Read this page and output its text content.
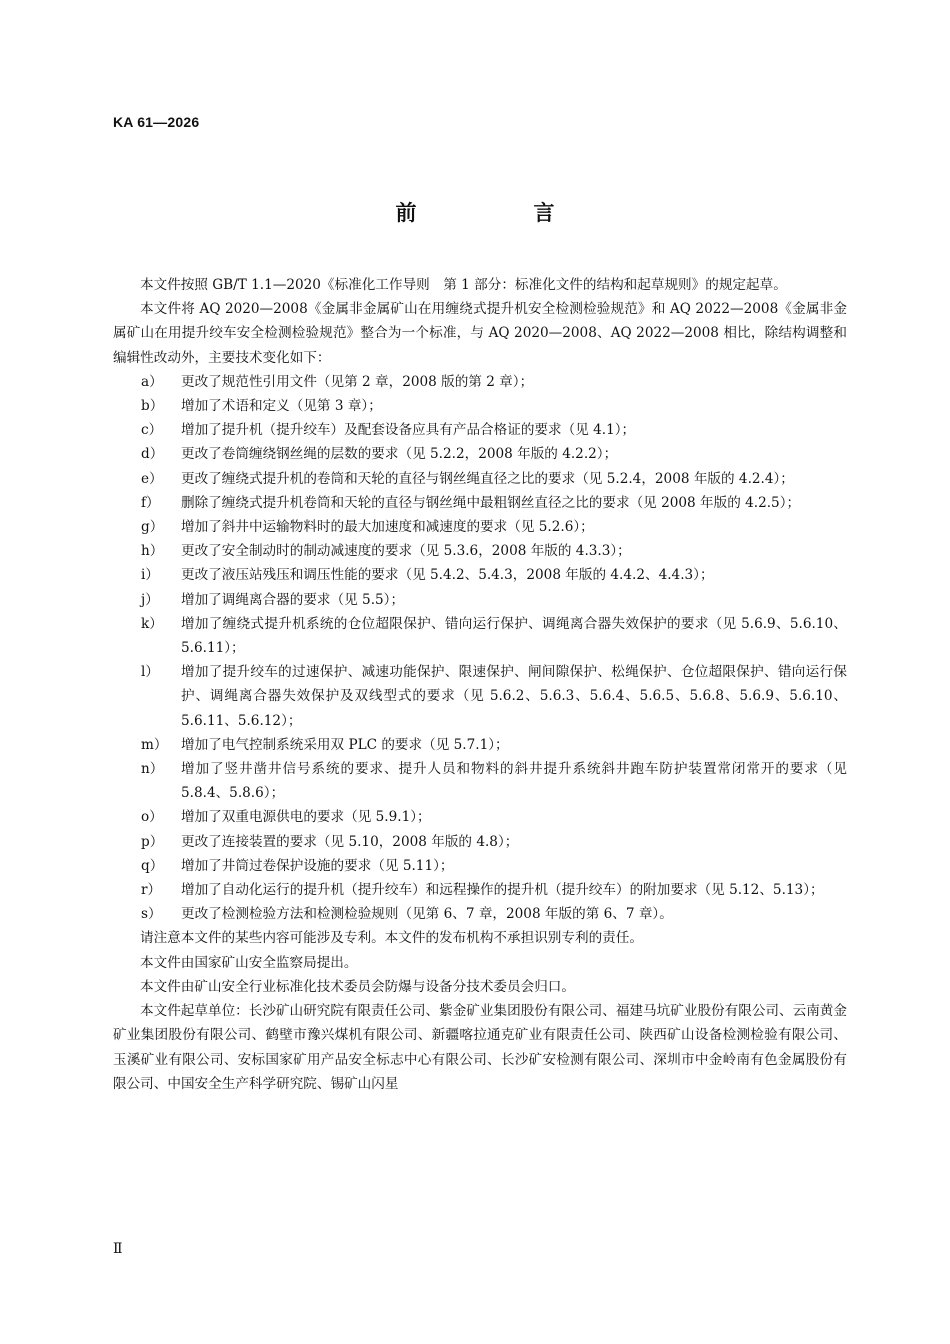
KA 61—2026
前　言

本文件按照 GB/T 1.1—2020《标准化工作导则　第 1 部分：标准化文件的结构和起草规则》的规定起草。

本文件将 AQ 2020—2008《金属非金属矿山在用缠绕式提升机安全检测检验规范》和 AQ 2022—2008《金属非金属矿山在用提升绞车安全检测检验规范》整合为一个标准，与 AQ 2020—2008、AQ 2022—2008 相比，除结构调整和编辑性改动外，主要技术变化如下：

a）	更改了规范性引用文件（见第 2 章，2008 版的第 2 章）；
b）	增加了术语和定义（见第 3 章）；
c）	增加了提升机（提升绞车）及配套设备应具有产品合格证的要求（见 4.1）；
d）	更改了卷筒缠绕钢丝绳的层数的要求（见 5.2.2，2008 年版的 4.2.2）；
e）	更改了缠绕式提升机的卷筒和天轮的直径与钢丝绳直径之比的要求（见 5.2.4，2008 年版的 4.2.4）；
f）	删除了缠绕式提升机卷筒和天轮的直径与钢丝绳中最粗钢丝直径之比的要求（见 2008 年版的 4.2.5）；
g）	增加了斜井中运输物料时的最大加速度和减速度的要求（见 5.2.6）；
h）	更改了安全制动时的制动减速度的要求（见 5.3.6，2008 年版的 4.3.3）；
i）	更改了液压站残压和调压性能的要求（见 5.4.2、5.4.3，2008 年版的 4.4.2、4.4.3）；
j）	增加了调绳离合器的要求（见 5.5）；
k）	增加了缠绕式提升机系统的仓位超限保护、错向运行保护、调绳离合器失效保护的要求（见 5.6.9、5.6.10、5.6.11）；
l）	增加了提升绞车的过速保护、减速功能保护、限速保护、闸间隙保护、松绳保护、仓位超限保护、错向运行保护、调绳离合器失效保护及双线型式的要求（见 5.6.2、5.6.3、5.6.4、5.6.5、5.6.8、5.6.9、5.6.10、5.6.11、5.6.12）；
m） 增加了电气控制系统采用双 PLC 的要求（见 5.7.1）；
n）	增加了竖井凿井信号系统的要求、提升人员和物料的斜井提升系统斜井跑车防护装置常闭常开的要求（见 5.8.4、5.8.6）；
o）	增加了双重电源供电的要求（见 5.9.1）；
p）	更改了连接装置的要求（见 5.10，2008 年版的 4.8）；
q）	增加了井筒过卷保护设施的要求（见 5.11）；
r）	增加了自动化运行的提升机（提升绞车）和远程操作的提升机（提升绞车）的附加要求（见 5.12、5.13）；
s）	更改了检测检验方法和检测检验规则（见第 6、7 章，2008 年版的第 6、7 章）。

请注意本文件的某些内容可能涉及专利。本文件的发布机构不承担识别专利的责任。

本文件由国家矿山安全监察局提出。

本文件由矿山安全行业标准化技术委员会防爆与设备分技术委员会归口。

本文件起草单位：长沙矿山研究院有限责任公司、紫金矿业集团股份有限公司、福建马坑矿业股份有限公司、云南黄金矿业集团股份有限公司、鹤壁市豫兴煤机有限公司、新疆喀拉通克矿业有限责任公司、陕西矿山设备检测检验有限公司、玉溪矿业有限公司、安标国家矿用产品安全标志中心有限公司、长沙矿安检测有限公司、深圳市中金岭南有色金属股份有限公司、中国安全生产科学研究院、锡矿山闪星

Ⅱ
